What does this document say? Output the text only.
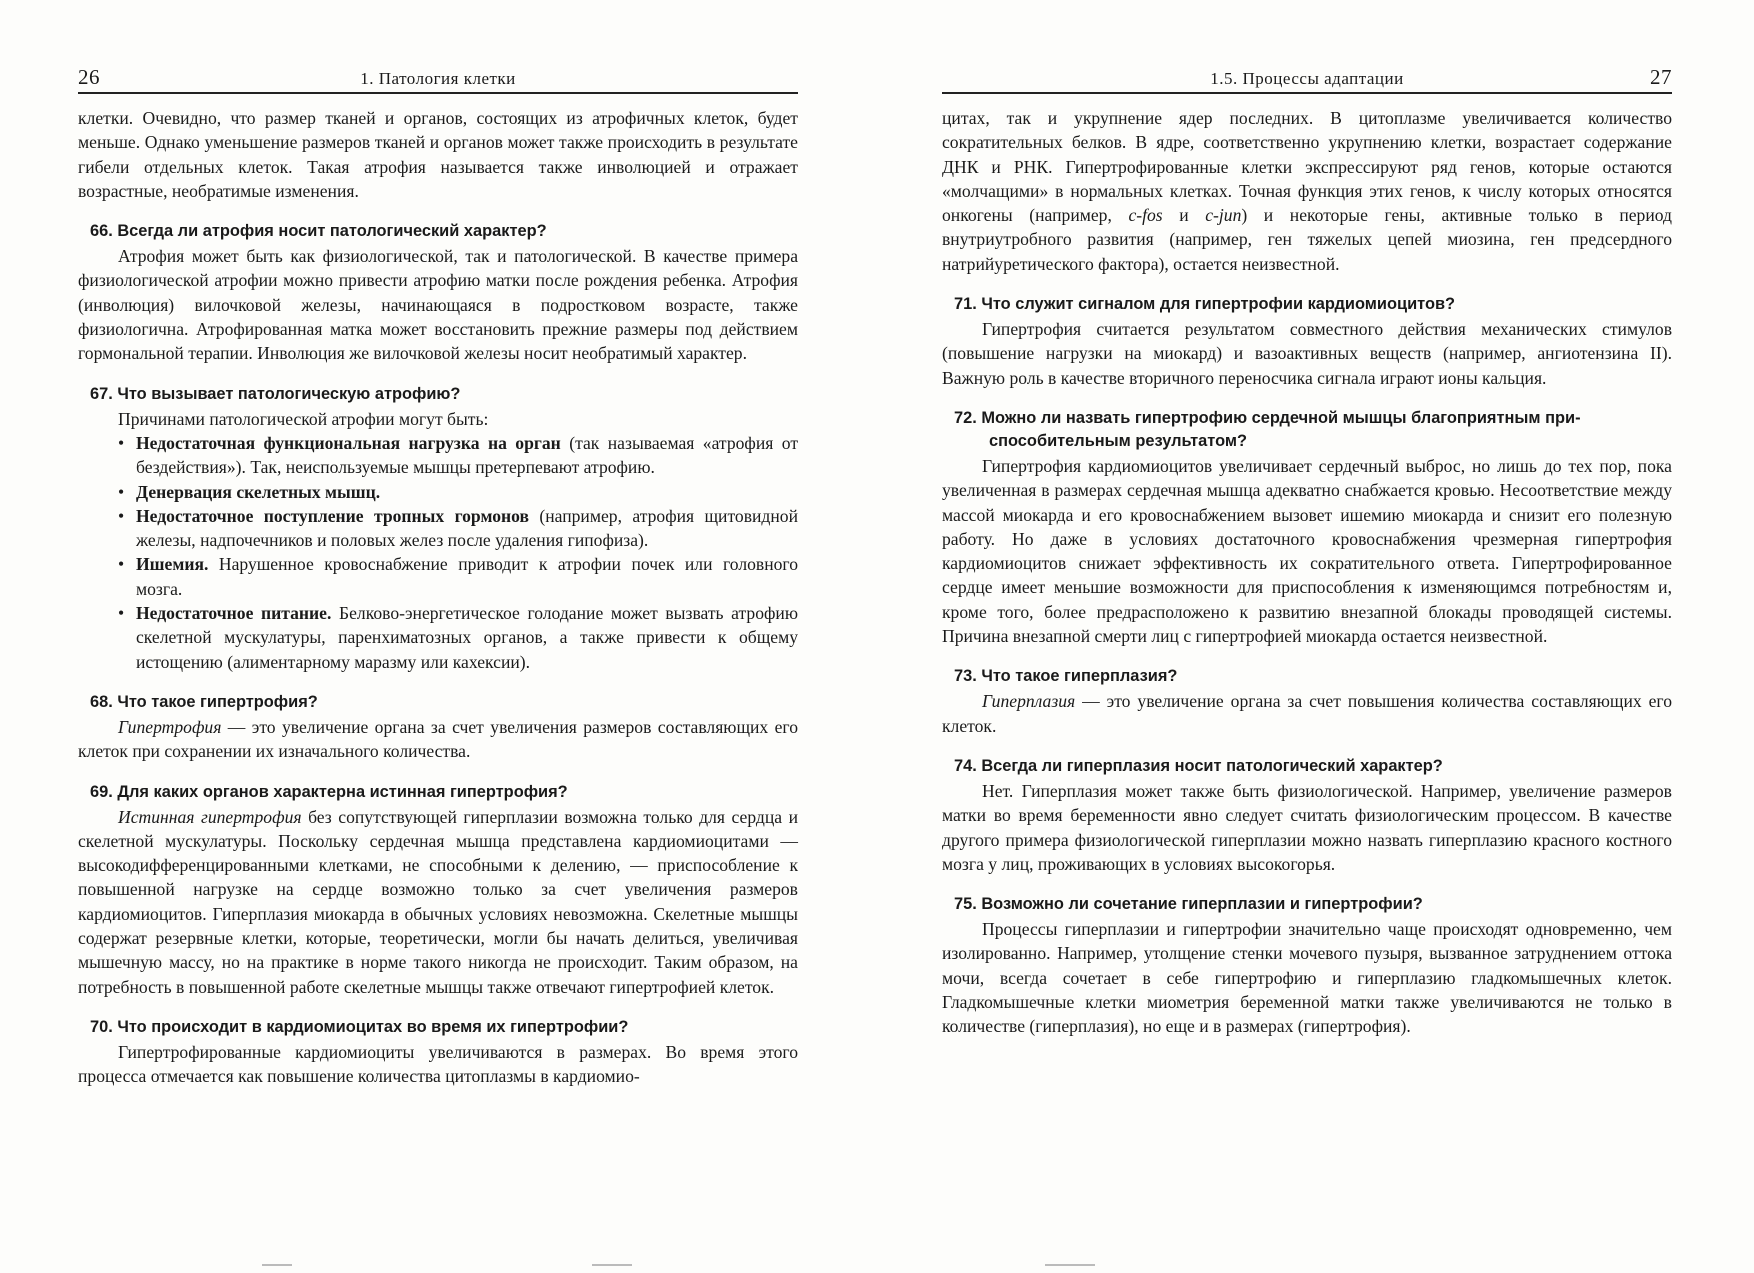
26	1. Патология клетки

клетки. Очевидно, что размер тканей и органов, состоящих из атрофичных клеток, будет меньше. Однако уменьшение размеров тканей и органов может также происходить в результате гибели отдельных клеток. Такая атрофия называется также инволюцией и отражает возрастные, необратимые изменения.

66. Всегда ли атрофия носит патологический характер?

Атрофия может быть как физиологической, так и патологической. В качестве примера физиологической атрофии можно привести атрофию матки после рождения ребенка. Атрофия (инволюция) вилочковой железы, начинающаяся в подростковом возрасте, также физиологична. Атрофированная матка может восстановить прежние размеры под действием гормональной терапии. Инволюция же вилочковой железы носит необратимый характер.

67. Что вызывает патологическую атрофию?

Причинами патологической атрофии могут быть:

• Недостаточная функциональная нагрузка на орган (так называемая «атрофия от бездействия»). Так, неиспользуемые мышцы претерпевают атрофию.
• Денервация скелетных мышц.
• Недостаточное поступление тропных гормонов (например, атрофия щитовидной железы, надпочечников и половых желез после удаления гипофиза).
• Ишемия. Нарушенное кровоснабжение приводит к атрофии почек или головного мозга.
• Недостаточное питание. Белково-энергетическое голодание может вызвать атрофию скелетной мускулатуры, паренхиматозных органов, а также привести к общему истощению (алиментарному маразму или кахексии).
68. Что такое гипертрофия?

Гипертрофия — это увеличение органа за счет увеличения размеров составляющих его клеток при сохранении их изначального количества.

69. Для каких органов характерна истинная гипертрофия?

Истинная гипертрофия без сопутствующей гиперплазии возможна только для сердца и скелетной мускулатуры. Поскольку сердечная мышца представлена кардиомиоцитами — высокодифференцированными клетками, не способными к делению, — приспособление к повышенной нагрузке на сердце возможно только за счет увеличения размеров кардиомиоцитов. Гиперплазия миокарда в обычных условиях невозможна. Скелетные мышцы содержат резервные клетки, которые, теоретически, могли бы начать делиться, увеличивая мышечную массу, но на практике в норме такого никогда не происходит. Таким образом, на потребность в повышенной работе скелетные мышцы также отвечают гипертрофией клеток.

70. Что происходит в кардиомиоцитах во время их гипертрофии?

Гипертрофированные кардиомиоциты увеличиваются в размерах. Во время этого процесса отмечается как повышение количества цитоплазмы в кардиомио-

1.5. Процессы адаптации	27

цитах, так и укрупнение ядер последних. В цитоплазме увеличивается количество сократительных белков. В ядре, соответственно укрупнению клетки, возрастает содержание ДНК и РНК. Гипертрофированные клетки экспрессируют ряд генов, которые остаются «молчащими» в нормальных клетках. Точная функция этих генов, к числу которых относятся онкогены (например, c-fos и c-jun) и некоторые гены, активные только в период внутриутробного развития (например, ген тяжелых цепей миозина, ген предсердного натрийуретического фактора), остается неизвестной.

71. Что служит сигналом для гипертрофии кардиомиоцитов?

Гипертрофия считается результатом совместного действия механических стимулов (повышение нагрузки на миокард) и вазоактивных веществ (например, ангиотензина II). Важную роль в качестве вторичного переносчика сигнала играют ионы кальция.

72. Можно ли назвать гипертрофию сердечной мышцы благоприятным при-
способительным результатом?

Гипертрофия кардиомиоцитов увеличивает сердечный выброс, но лишь до тех пор, пока увеличенная в размерах сердечная мышца адекватно снабжается кровью. Несоответствие между массой миокарда и его кровоснабжением вызовет ишемию миокарда и снизит его полезную работу. Но даже в условиях достаточного кровоснабжения чрезмерная гипертрофия кардиомиоцитов снижает эффективность их сократительного ответа. Гипертрофированное сердце имеет меньшие возможности для приспособления к изменяющимся потребностям и, кроме того, более предрасположено к развитию внезапной блокады проводящей системы. Причина внезапной смерти лиц с гипертрофией миокарда остается неизвестной.

73. Что такое гиперплазия?

Гиперплазия — это увеличение органа за счет повышения количества составляющих его клеток.

74. Всегда ли гиперплазия носит патологический характер?

Нет. Гиперплазия может также быть физиологической. Например, увеличение размеров матки во время беременности явно следует считать физиологическим процессом. В качестве другого примера физиологической гиперплазии можно назвать гиперплазию красного костного мозга у лиц, проживающих в условиях высокогорья.

75. Возможно ли сочетание гиперплазии и гипертрофии?

Процессы гиперплазии и гипертрофии значительно чаще происходят одновременно, чем изолированно. Например, утолщение стенки мочевого пузыря, вызванное затруднением оттока мочи, всегда сочетает в себе гипертрофию и гиперплазию гладкомышечных клеток. Гладкомышечные клетки миометрия беременной матки также увеличиваются не только в количестве (гиперплазия), но еще и в размерах (гипертрофия).
